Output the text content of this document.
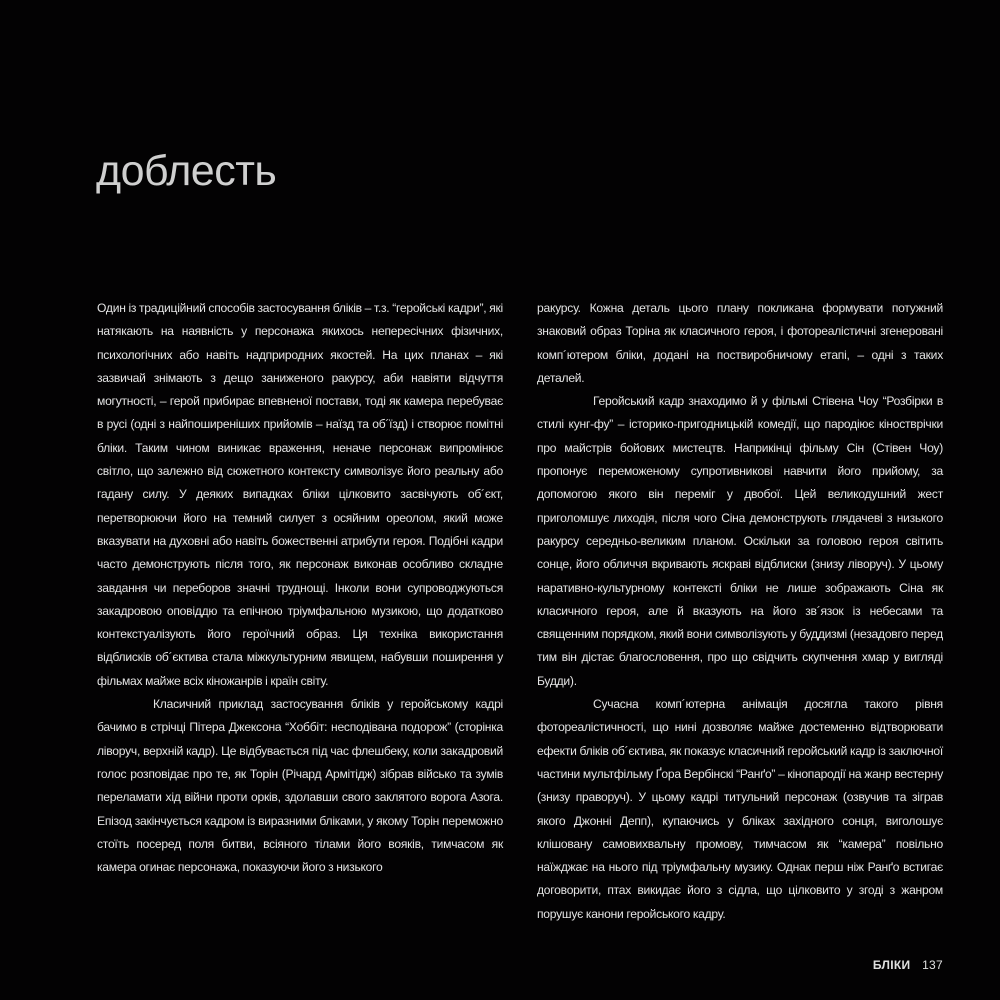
доблесть

Один із традиційний способів застосування бліків – т.з. “геройські кадри”, які натякають на наявність у персонажа якихось непересічних фізичних, психологічних або навіть надприродних якостей. На цих планах – які зазвичай знімають з дещо заниженого ракурсу, аби навіяти відчуття могутності, – герой прибирає впевненої постави, тоді як камера перебуває в русі (одні з найпоширеніших прийомів – наїзд та об´їзд) і створює помітні бліки. Таким чином виникає враження, неначе персонаж випромінює світло, що залежно від сюжетного контексту символізує його реальну або гадану силу. У деяких випадках бліки цілковито засвічують об´єкт, перетворюючи його на темний силует з осяйним ореолом, який може вказувати на духовні або навіть божественні атрибути героя. Подібні кадри часто демонструють після того, як персонаж виконав особливо складне завдання чи переборов значні труднощі. Інколи вони супроводжуються закадровою оповіддю та епічною тріумфальною музикою, що додатково контекстуалізують його героїчний образ. Ця техніка використання відблисків об´єктива стала міжкультурним явищем, набувши поширення у фільмах майже всіх кіножанрів і країн світу.

Класичний приклад застосування бліків у геройському кадрі бачимо в стрічці Пітера Джексона “Хоббіт: несподівана подорож” (сторінка ліворуч, верхній кадр). Це відбувається під час флешбеку, коли закадровий голос розповідає про те, як Торін (Річард Армітідж) зібрав військо та зумів переламати хід війни проти орків, здолавши свого заклятого ворога Азога. Епізод закінчується кадром із виразними бліками, у якому Торін переможно стоїть посеред поля битви, всіяного тілами його вояків, тимчасом як камера огинає персонажа, показуючи його з низького

ракурсу. Кожна деталь цього плану покликана формувати потужний знаковий образ Торіна як класичного героя, і фотореалістичні згенеровані комп´ютером бліки, додані на поствиробничому етапі, – одні з таких деталей.

Геройський кадр знаходимо й у фільмі Стівена Чоу “Розбірки в стилі кунг-фу” – історико-пригодницькій комедії, що пародіює кіностврічки про майстрів бойових мистецтв. Наприкінці фільму Сін (Стівен Чоу) пропонує переможеному супротивникові навчити його прийому, за допомогою якого він переміг у двобої. Цей великодушний жест приголомшує лиходія, після чого Сіна демонструють глядачеві з низького ракурсу середньо-великим планом. Оскільки за головою героя світить сонце, його обличчя вкривають яскраві відблиски (знизу ліворуч). У цьому наративно-культурному контексті бліки не лише зображають Сіна як класичного героя, але й вказують на його зв´язок із небесами та священним порядком, який вони символізують у буддизмі (незадовго перед тим він дістає благословення, про що свідчить скупчення хмар у вигляді Будди).

Сучасна комп´ютерна анімація досягла такого рівня фотореалістичності, що нині дозволяє майже достеменно відтворювати ефекти бліків об´єктива, як показує класичний геройський кадр із заключної частини мультфільму Ґора Вербінскі “Ранґо” – кінопародії на жанр вестерну (знизу праворуч). У цьому кадрі титульний персонаж (озвучив та зіграв якого Джонні Депп), купаючись у бліках західного сонця, виголошує клішовану самовихвальну промову, тимчасом як “камера” повільно наїжджає на нього під тріумфальну музику. Однак перш ніж Ранґо встигає договорити, птах викидає його з сідла, що цілковито у згоді з жанром порушує канони геройського кадру.

БЛІКИ 137
